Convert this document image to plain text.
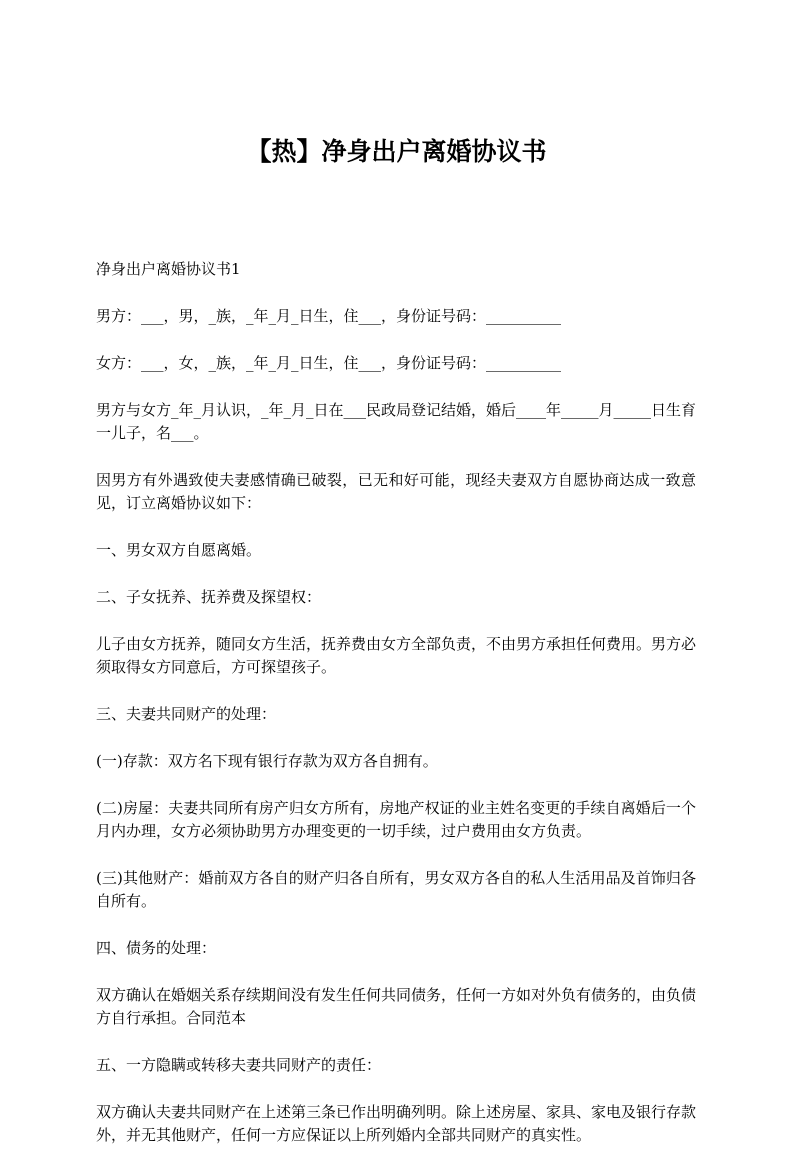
【热】净身出户离婚协议书

净身出户离婚协议书1

男方：___，男，_族，_年_月_日生，住___，身份证号码：__________

女方：___，女，_族，_年_月_日生，住___，身份证号码：__________

男方与女方_年_月认识，_年_月_日在___民政局登记结婚，婚后____年_____月_____日生育一儿子，名___。

因男方有外遇致使夫妻感情确已破裂，已无和好可能，现经夫妻双方自愿协商达成一致意见，订立离婚协议如下：

一、男女双方自愿离婚。

二、子女抚养、抚养费及探望权：

儿子由女方抚养，随同女方生活，抚养费由女方全部负责，不由男方承担任何费用。男方必须取得女方同意后，方可探望孩子。

三、夫妻共同财产的处理：

(一)存款：双方名下现有银行存款为双方各自拥有。

(二)房屋：夫妻共同所有房产归女方所有，房地产权证的业主姓名变更的手续自离婚后一个月内办理，女方必须协助男方办理变更的一切手续，过户费用由女方负责。

(三)其他财产：婚前双方各自的财产归各自所有，男女双方各自的私人生活用品及首饰归各自所有。

四、债务的处理：

双方确认在婚姻关系存续期间没有发生任何共同债务，任何一方如对外负有债务的，由负债方自行承担。合同范本

五、一方隐瞒或转移夫妻共同财产的责任：

双方确认夫妻共同财产在上述第三条已作出明确列明。除上述房屋、家具、家电及银行存款外，并无其他财产，任何一方应保证以上所列婚内全部共同财产的真实性。
